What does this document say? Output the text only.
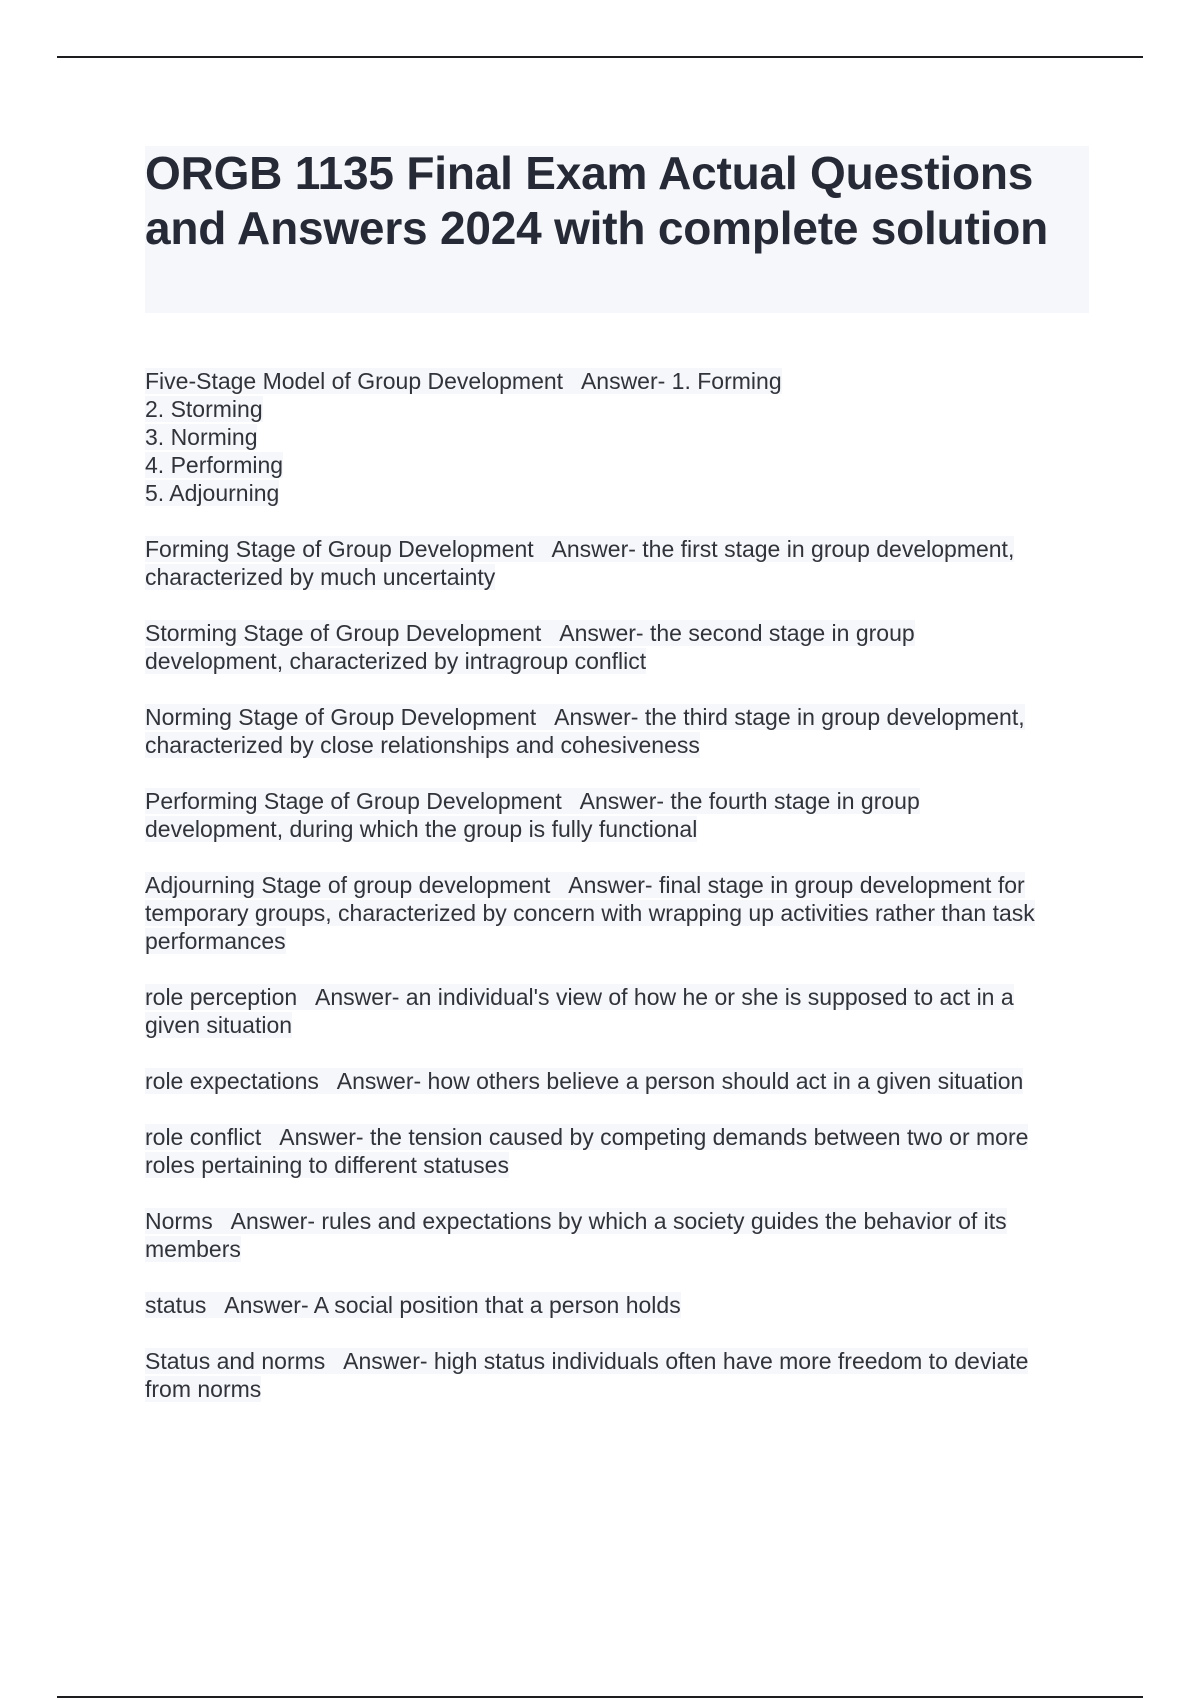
ORGB 1135 Final Exam Actual Questions and Answers 2024 with complete solution
Five-Stage Model of Group Development   Answer- 1. Forming
2. Storming
3. Norming
4. Performing
5. Adjourning
Forming Stage of Group Development   Answer- the first stage in group development,
characterized by much uncertainty
Storming Stage of Group Development   Answer- the second stage in group
development, characterized by intragroup conflict
Norming Stage of Group Development   Answer- the third stage in group development,
characterized by close relationships and cohesiveness
Performing Stage of Group Development   Answer- the fourth stage in group
development, during which the group is fully functional
Adjourning Stage of group development   Answer- final stage in group development for
temporary groups, characterized by concern with wrapping up activities rather than task
performances
role perception   Answer- an individual's view of how he or she is supposed to act in a
given situation
role expectations   Answer- how others believe a person should act in a given situation
role conflict   Answer- the tension caused by competing demands between two or more
roles pertaining to different statuses
Norms   Answer- rules and expectations by which a society guides the behavior of its
members
status   Answer- A social position that a person holds
Status and norms   Answer- high status individuals often have more freedom to deviate
from norms
